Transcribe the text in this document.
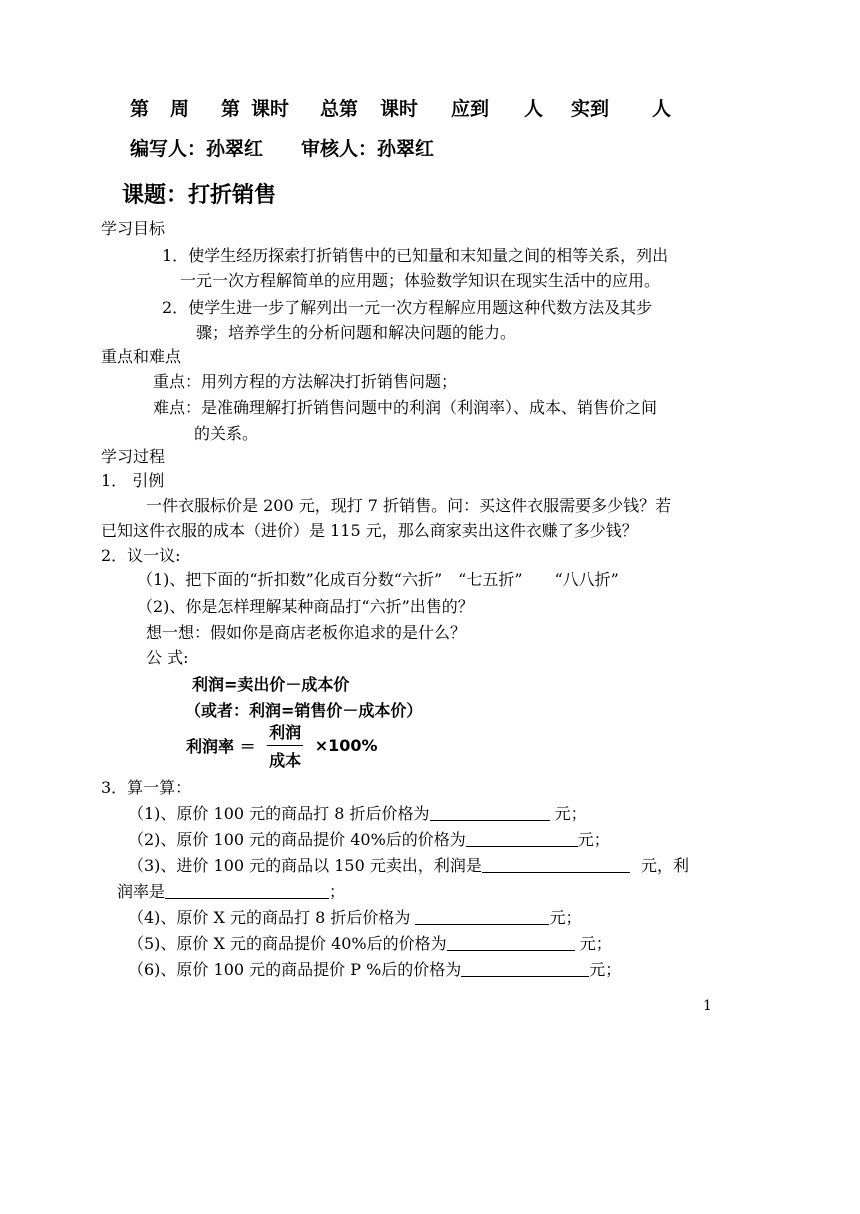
第 周 第 课时 总第 课时 应到 人 实到 人
编写人：孙翠红　　审核人：孙翠红
课题：打折销售
学习目标
1．使学生经历探索打折销售中的已知量和末知量之间的相等关系，列出
一元一次方程解简单的应用题；体验数学知识在现实生活中的应用。
2．使学生进一步了解列出一元一次方程解应用题这种代数方法及其步
骤；培养学生的分析问题和解决问题的能力。
重点和难点
重点：用列方程的方法解决打折销售问题；
难点：是准确理解打折销售问题中的利润（利润率）、成本、销售价之间
的关系。
学习过程
1． 引例
一件衣服标价是 200 元，现打 7 折销售。问：买这件衣服需要多少钱？若
已知这件衣服的成本（进价）是 115 元，那么商家卖出这件衣赚了多少钱？
2．议一议:
（1)、把下面的“折扣数”化成百分数“六折”　“七五折”　　“八八折”
（2)、你是怎样理解某种商品打“六折”出售的？
想一想：假如你是商店老板你追求的是什么？
公 式:
利润=卖出价－成本价
（或者：利润=销售价－成本价）
利润率 ＝ $\frac{\text{利润}}{\text{成本}} \times 100\%$
3．算一算：
（1)、原价 100 元的商品打 8 折后价格为	元；
（2)、原价 100 元的商品提价 40%后的价格为	元；
（3)、进价 100 元的商品以 150 元卖出，利润是	元，利
润率是	；
（4)、原价 X 元的商品打 8 折后价格为	元；
（5)、原价 X 元的商品提价 40%后的价格为	元；
（6)、原价 100 元的商品提价 P %后的价格为	元；
1
